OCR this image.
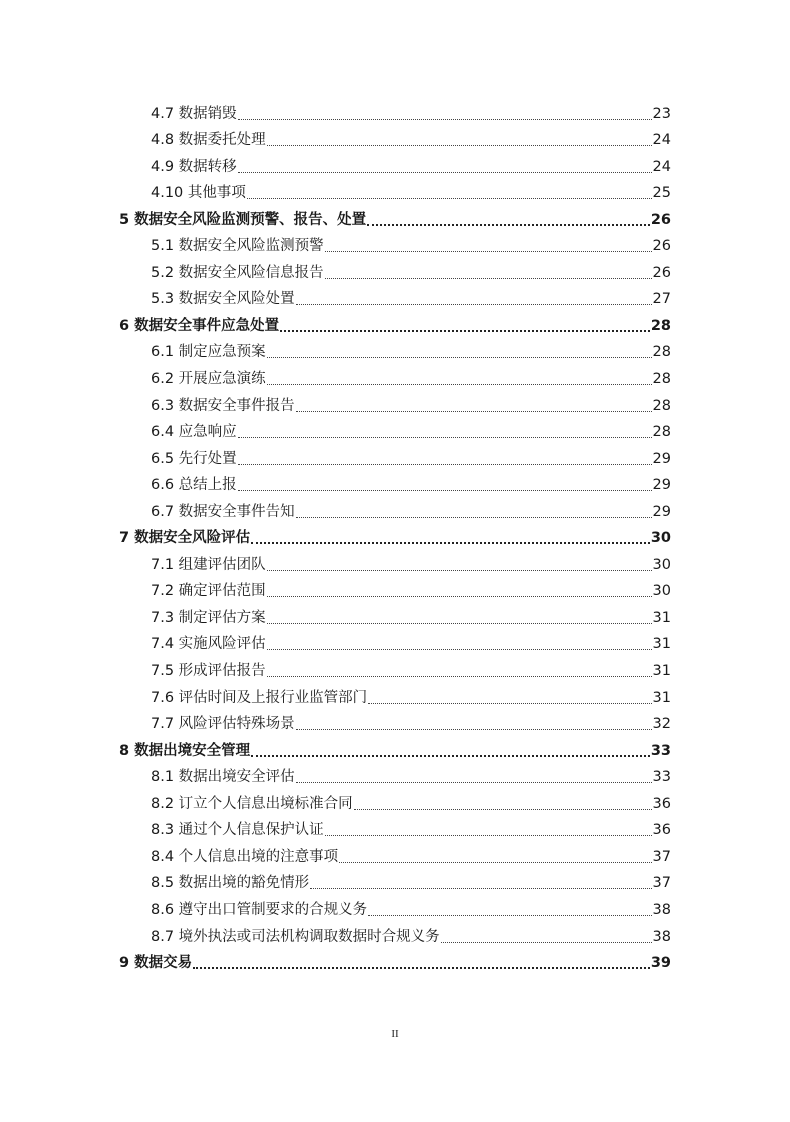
4.7 数据销毁	23
4.8 数据委托处理	24
4.9 数据转移	24
4.10 其他事项	25
5 数据安全风险监测预警、报告、处置	26
5.1 数据安全风险监测预警	26
5.2 数据安全风险信息报告	26
5.3 数据安全风险处置	27
6 数据安全事件应急处置	28
6.1 制定应急预案	28
6.2 开展应急演练	28
6.3 数据安全事件报告	28
6.4 应急响应	28
6.5 先行处置	29
6.6 总结上报	29
6.7 数据安全事件告知	29
7 数据安全风险评估	30
7.1 组建评估团队	30
7.2 确定评估范围	30
7.3 制定评估方案	31
7.4 实施风险评估	31
7.5 形成评估报告	31
7.6 评估时间及上报行业监管部门	31
7.7 风险评估特殊场景	32
8 数据出境安全管理	33
8.1 数据出境安全评估	33
8.2 订立个人信息出境标准合同	36
8.3 通过个人信息保护认证	36
8.4 个人信息出境的注意事项	37
8.5 数据出境的豁免情形	37
8.6 遵守出口管制要求的合规义务	38
8.7 境外执法或司法机构调取数据时合规义务	38
9 数据交易	39
II
